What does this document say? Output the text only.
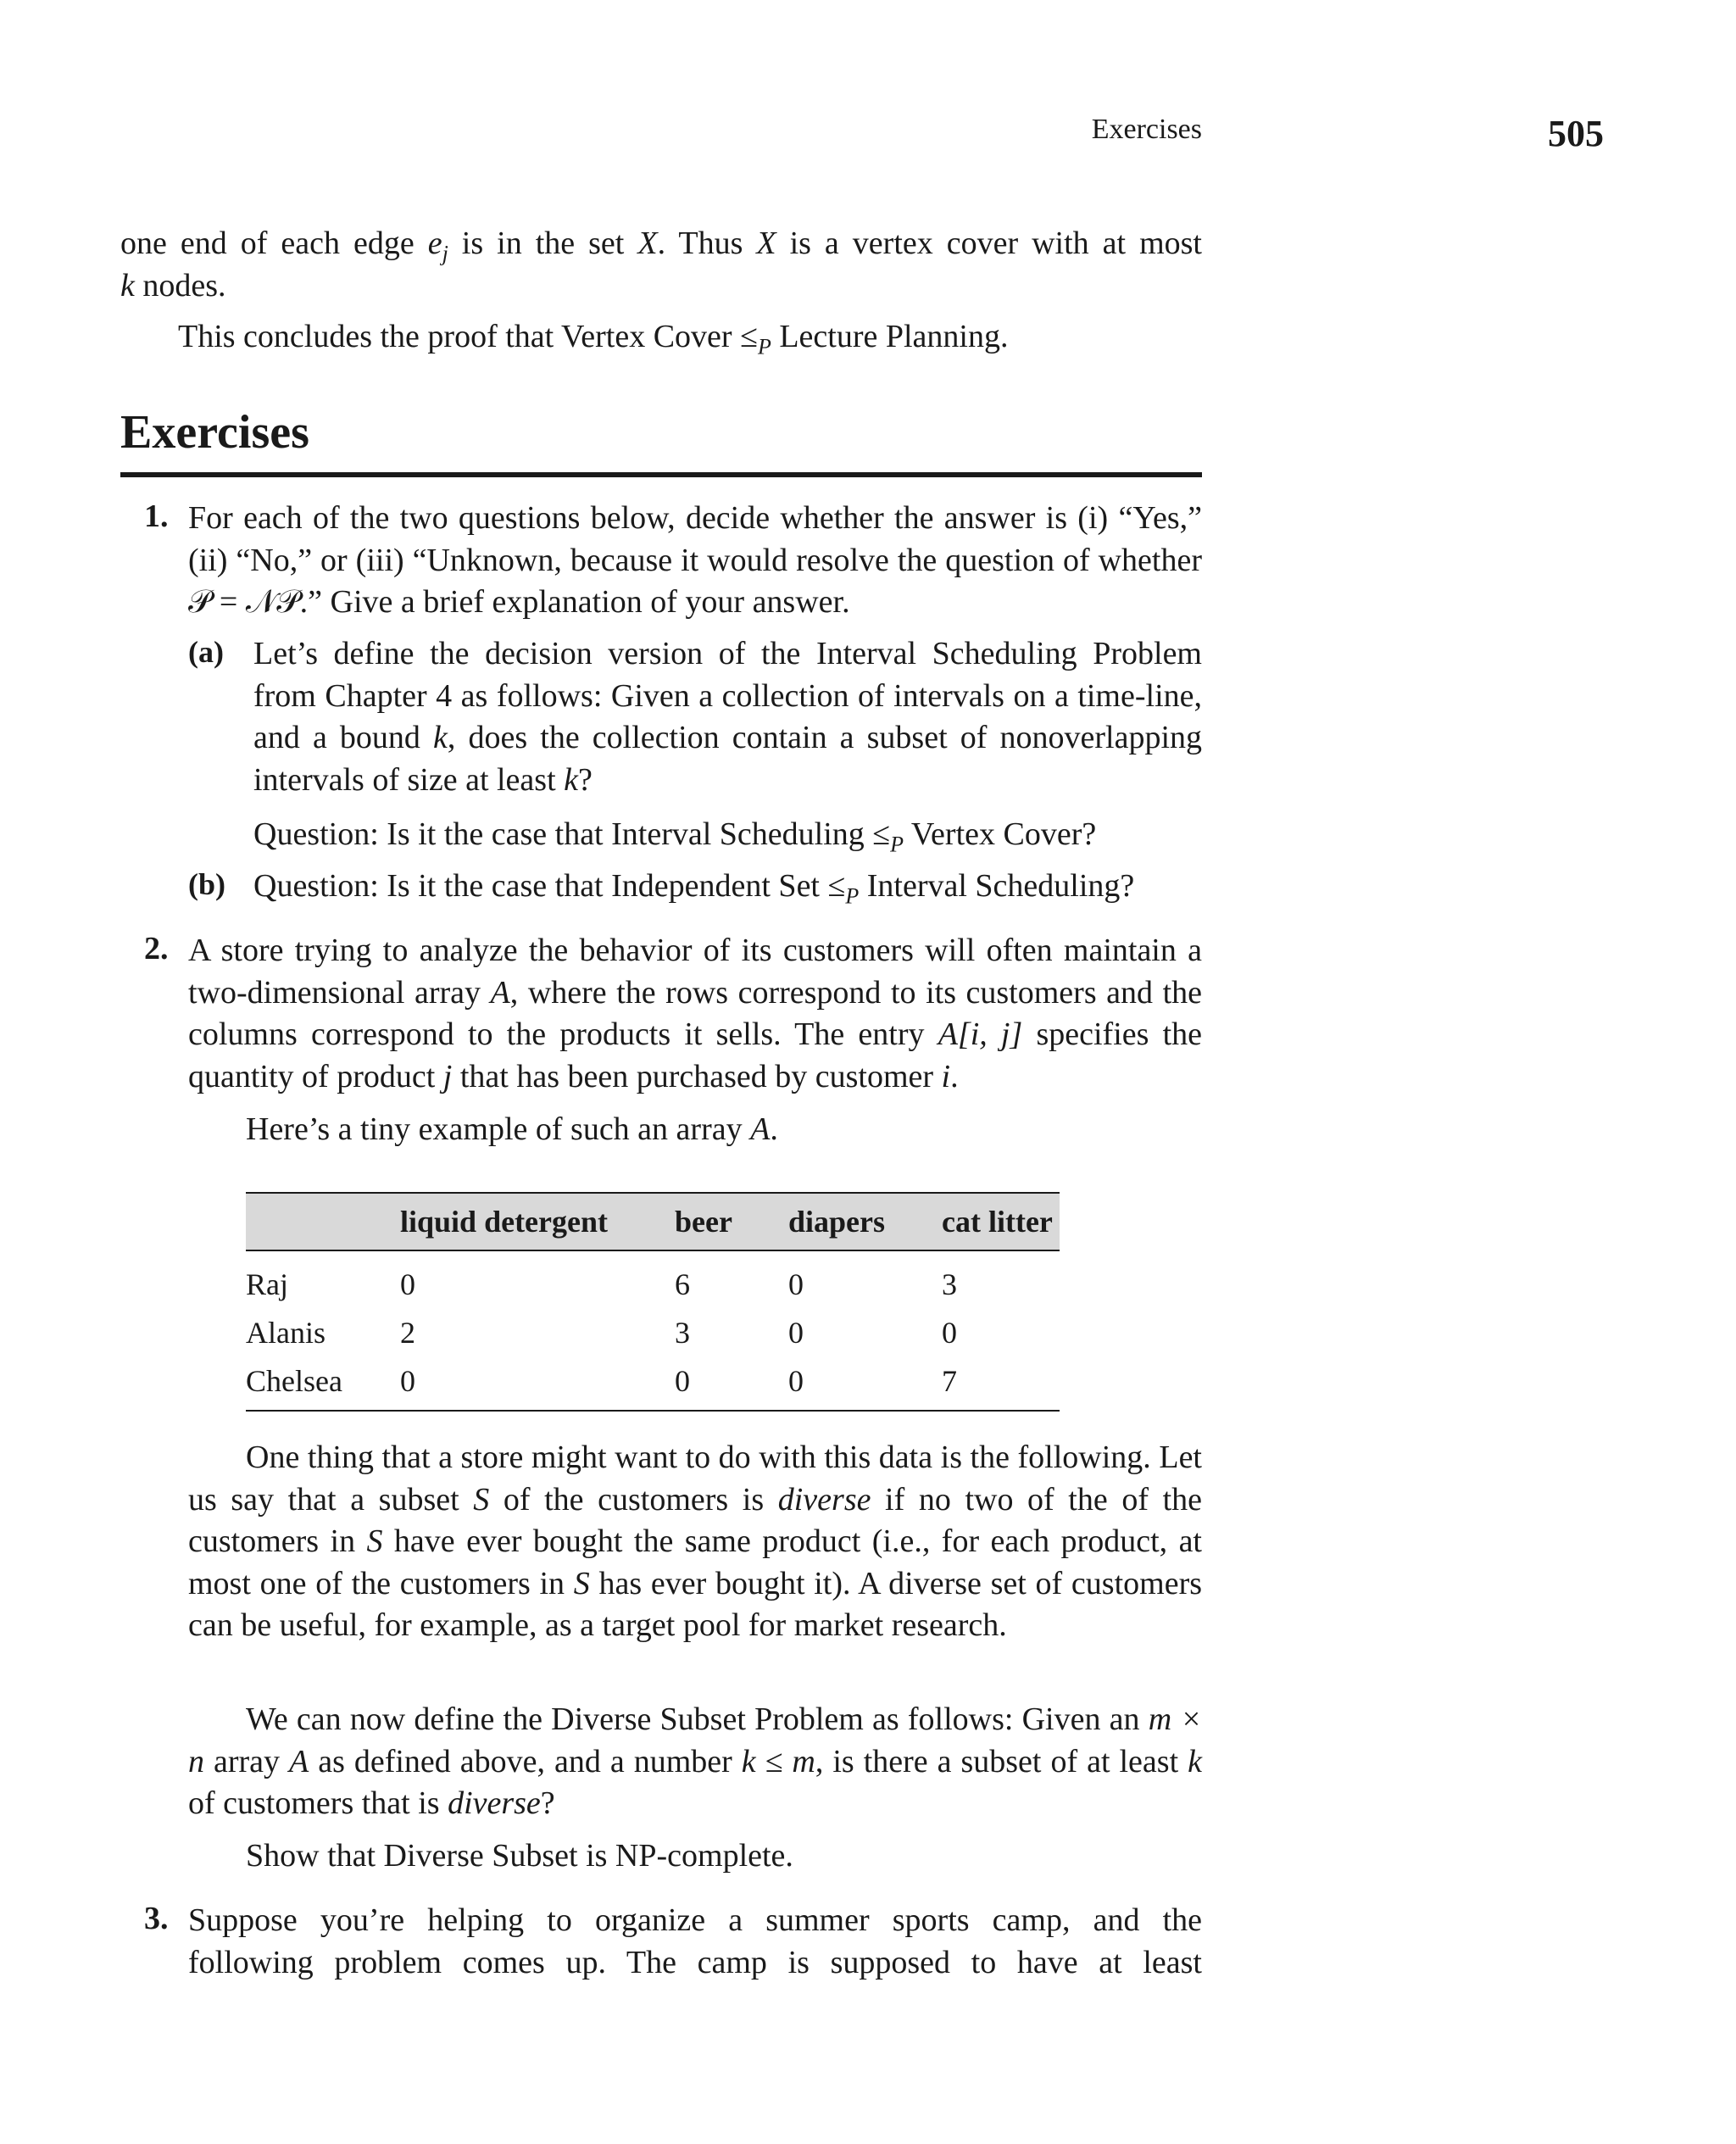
Exercises	505
one end of each edge $e_j$ is in the set X. Thus X is a vertex cover with at most
k nodes.
This concludes the proof that Vertex Cover $\le_P$ Lecture Planning.
Exercises
1. For each of the two questions below, decide whether the answer is (i) “Yes,” (ii) “No,” or (iii) “Unknown, because it would resolve the question of whether 𝒫 = 𝒩𝒫.” Give a brief explanation of your answer.
(a) Let’s define the decision version of the Interval Scheduling Problem from Chapter 4 as follows: Given a collection of intervals on a time-line, and a bound k, does the collection contain a subset of nonoverlapping intervals of size at least k?
Question: Is it the case that Interval Scheduling $\le_P$ Vertex Cover?
(b) Question: Is it the case that Independent Set $\le_P$ Interval Scheduling?
2. A store trying to analyze the behavior of its customers will often maintain a two-dimensional array A, where the rows correspond to its customers and the columns correspond to the products it sells. The entry A[i, j] specifies the quantity of product j that has been purchased by customer i.
Here’s a tiny example of such an array A.
	liquid detergent	beer	diapers	cat litter
Raj	0	6	0	3
Alanis	2	3	0	0
Chelsea	0	0	0	7
One thing that a store might want to do with this data is the following. Let us say that a subset S of the customers is diverse if no two of the of the customers in S have ever bought the same product (i.e., for each product, at most one of the customers in S has ever bought it). A diverse set of customers can be useful, for example, as a target pool for market research.
We can now define the Diverse Subset Problem as follows: Given an m × n array A as defined above, and a number k ≤ m, is there a subset of at least k of customers that is diverse?
Show that Diverse Subset is NP-complete.
3. Suppose you’re helping to organize a summer sports camp, and the
following problem comes up. The camp is supposed to have at least
